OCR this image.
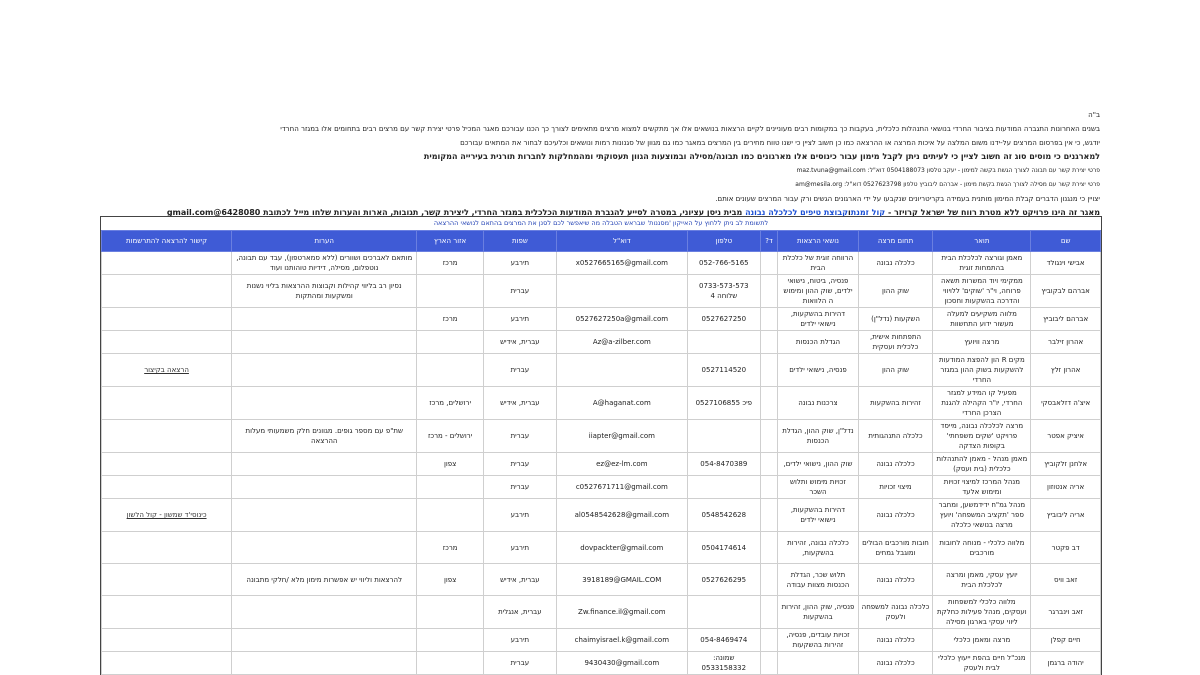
ב"ה
בשנים האחרונות התגברה המודעות בציבור החרדי בנושאי התנהלות כלכלית, בעקבות כך במקומות רבים מעוניינים לקיים הרצאות בנושאים אלו אך מתקשים למצוא מרצים מתאימים לצורך כך הכנו עבורכם מאגר המכיל פרטי יצירת קשר עם מרצים רבים בתחומים אלו במגזר החרדי
יודגש, כי אין בפרסום המרצים על-ידנו משום המלצה על איכות המרצה או ההרצאה כמו כן חשוב לציין כי ישנו טווח מחירים בין המרצים במאגר כמו גם מגוון של סגנונות רמות ונושאים וכלעיכם לבחור את המתאים עבורכם
למארגנים כי מוסים סוג זה חשוב לציין כי לעיתים ניתן לקבל מימון עבור כינוסים אלו מארגונים כמו תבונה/מסילה ובמוצעות הגוון תעסוקתי ומהמחלקות לחברות תורנית בעירייה המקומית
פרטי יצירת קשר עם תבונה לצורך הגשת בקשה למימון - יעקב טלסון 0504188073 דוא"ל: maz.tvuna@gmail.com
פרטי יצירת קשר עם מסילה לצורך הגשת בקשת מימון - אברהם ליבוביץ טלפון 0527623798 דוא"ל: am@mesila.org
יצויין כי מנגנון הדברים קבלת המימון מותנית בעמידה בקריטריונים שנקבעו על ידי הארגונים הגשים ורק עבור המרצים שעונים אותם.
מאגר זה הינו פרויקט ללא מטרת רווח של ישראל קרויזר - קול זמנתוקבוצת טיפים לכלכלה נבונה מבית ניסן עציוני, במטרה לסייע להגברת המודעות הכלכלית במגזר החרדי, ליצירת קשר, תגובות, הארות והערות שלחו מייל לכתובת gmail.com@6428080
לתשומת לב ניתן ללחוץ על האייקון 'מסננות' שבראש הטבלה מה שיאפשר לכם לסנן את המרצים בהתאם לנושאי ההרצאה
שם	תואר	תחום מרצה	נושאי הרצאות	ד?	טלפון	דוא"ל	שפות	אזור הארץ	הערות	קישור להרצאה להתרשמות
אבישי וינגולד	מאמן וגורצה לכלכלת הבית בהתמחות זוגית	כלכלה נבונה	הרווחה זוגית של כלכלת הבית		052-766-5165	x0527665165@gmail.com	תירבע	מרכז	מותאם לאברכים ושוורים (ללא סמארטפון), עבד עם תבונה, נוטפלום, מסילה, דידיות טוהותנו ועוד	
אברהם לבקוביץ	ממקימי ויוד המשרות תשאה פרוחה, וי"ר 'שוקים' ללויווי והדרכה בהשקעות וחסכון	שוק ההון	פנסיה, ביטוח, נישואי ילדים, שוק ההון ומימוש ה הלוואות		0733-573-573 שלוחה 4		עברית		נסיון רב בליווי קהילות וקבוצות ההרצאות בליוי נשנות ומשקעות ומהתקות	
אברהם ליבוביץ	מלווה משקיעים למעלה מעשור ידוע התחשוות	השקעות (נדל"ן)	דהירות בהשקעות, נישואי ילדים		0527627250	0527627250a@gmail.com	תירבע	מרכז		
אהרון זילבר	מרצה וויועץ	התפתחות אישית, כלכלית ועסקית	הגדלת הכנסות			Az@a-zilber.com	עברית, אידיש			
אהרון זלץ	מקים R הון להפצת המודעות להשקעות בשוק ההון במגזר החרדי	שוק ההון	פנסיה, נישואי ילדים		0527114520		עברית			הרצאה בקיצור
איצ'ה דזלאבסקי	מפעיל קו המידע למגזר החרדי, יו"ר הקהילה להגנת הצרכן החרדי	זהירות בהשקעות	צרכנות נבונה		פיכ 0527106855	A@haganat.com	עברית, אידיש	ירושלים, מרכז		
איציק אפטר	מרצה לכלכלה נבונה, מייסד פרויקט 'שקים משפחתי' בקופות הצדקה	כלכלה התנהגותית	נדל"ן, שוק ההון, הגדלת הכנסות			iiapter@gmail.com	עברית	ירושלים - מרכז	שת"פ עם מספר גופים. מגוונים חלק משמעותי מעלות ההרצאה	
אלחנן זלקוביץ	מאמן מנהל - מאמן להתנהלות כלכלית (בית ועסק)	כלכלה נבונה	שוק ההון, נישואי ילדים,		054-8470389	ez@ez-lm.com	עברית	צפון		
אריה אנטוזון	מנהל המרכז למיצוי זכויות ומימוש אלעד	מיצוי זכויות	זכויות מימוש ותלוש השכר			c0527671711@gmail.com	עברית			
אריה ליבוביץ	מנהל גמ"ח ידידמשען, ומחבר ספר 'תקציב המשפחה' ויועץ מרצה בנושאי כלכלה	כלכלה נבונה	דהירות בהשקעות, נישואי ילדים		0548542628	al0548542628@gmail.com	תירבע			כינוסי'ד שמשון - קול הלשון
דב פקטר	מלווה כלכלי - מנוחה לחובות מורכבים	חובות מורכבים הבולים ומוגבל גמחים	כלכלה נבונה, זהירות בהשקעות,		0504174614	dovpackter@gmail.com	תירבע	מרכז		
זאב וויס	יועץ עסקי, מאמן ומרצה לכלכלת הבית	כלכלה נבונה	תלוש שכר, הגדלת הכנסות מצוות עבודה		0527626295	3918189@GMAIL.COM	עברית, אידיש	צפון	להרצאות וליווי יש אפשרות מימון מלא /חלקי מתבונה	
זאב וינברגר	מלווה כלכלי למשפחות ועסקים, מנהל פעילות כחלקת ליווי עסקי בארגון מסילה	כלכלה נבונה למשפחה ולעסק	פנסיה, שוק ההון, זהירות בהשקעות			Zw.finance.il@gmail.com	עברית, אנגלית			
חיים קפלן	מרצה ומאמן כלכלי	כלכלה נבונה	זכויות עובדים, פנסיה, זהירות בהשקעות		054-8469474	chaimyisrael.k@gmail.com	תירבע			
יהודה ברגמן	מנכ"ל חיים בהפת ייעוץ כלכלי לבית ולעסק	כלכלה נבונה			שמונה: 0533158332	9430430@gmail.com	עברית			
